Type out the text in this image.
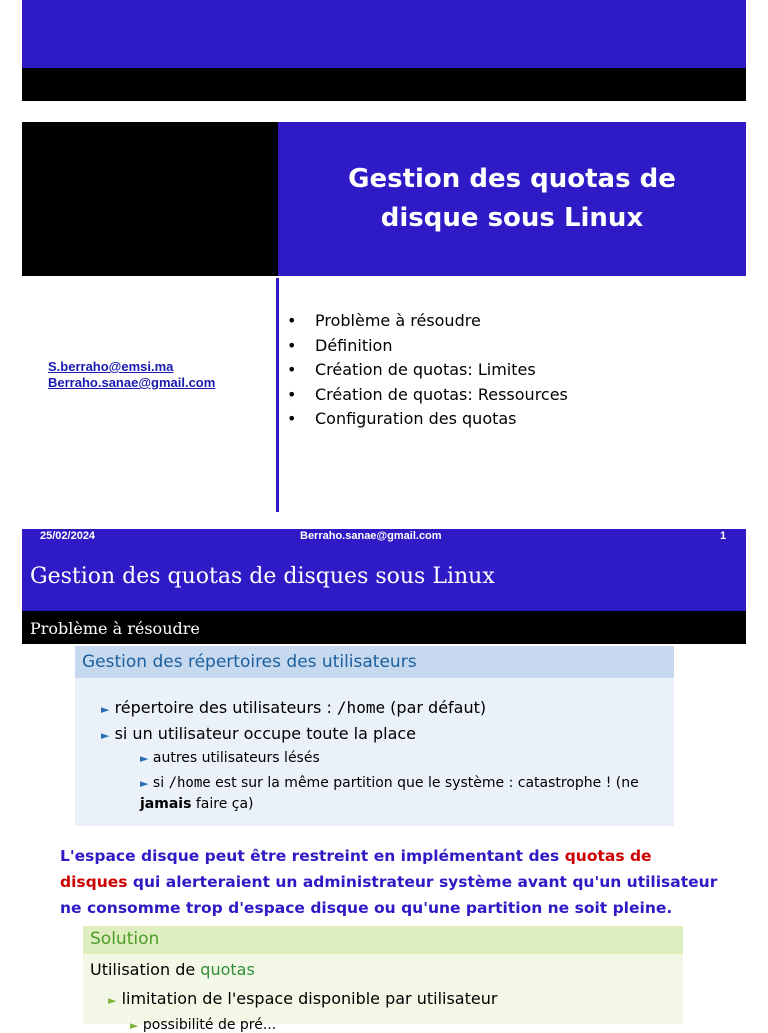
Gestion des quotas de disque sous Linux
S.berraho@emsi.ma
Berraho.sanae@gmail.com
• Problème à résoudre
• Définition
• Création de quotas: Limites
• Création de quotas: Ressources
• Configuration des quotas
25/02/2024	Berraho.sanae@gmail.com	1
Gestion des quotas de disques sous Linux
Problème à résoudre
Gestion des répertoires des utilisateurs
► répertoire des utilisateurs : /home (par défaut)
► si un utilisateur occupe toute la place
► autres utilisateurs lésés
► si /home est sur la même partition que le système : catastrophe ! (ne jamais faire ça)
L'espace disque peut être restreint en implémentant des quotas de disques qui alerteraient un administrateur système avant qu'un utilisateur ne consomme trop d'espace disque ou qu'une partition ne soit pleine.
Solution
Utilisation de quotas
► limitation de l'espace disponible par utilisateur
► possibilité de pré...
